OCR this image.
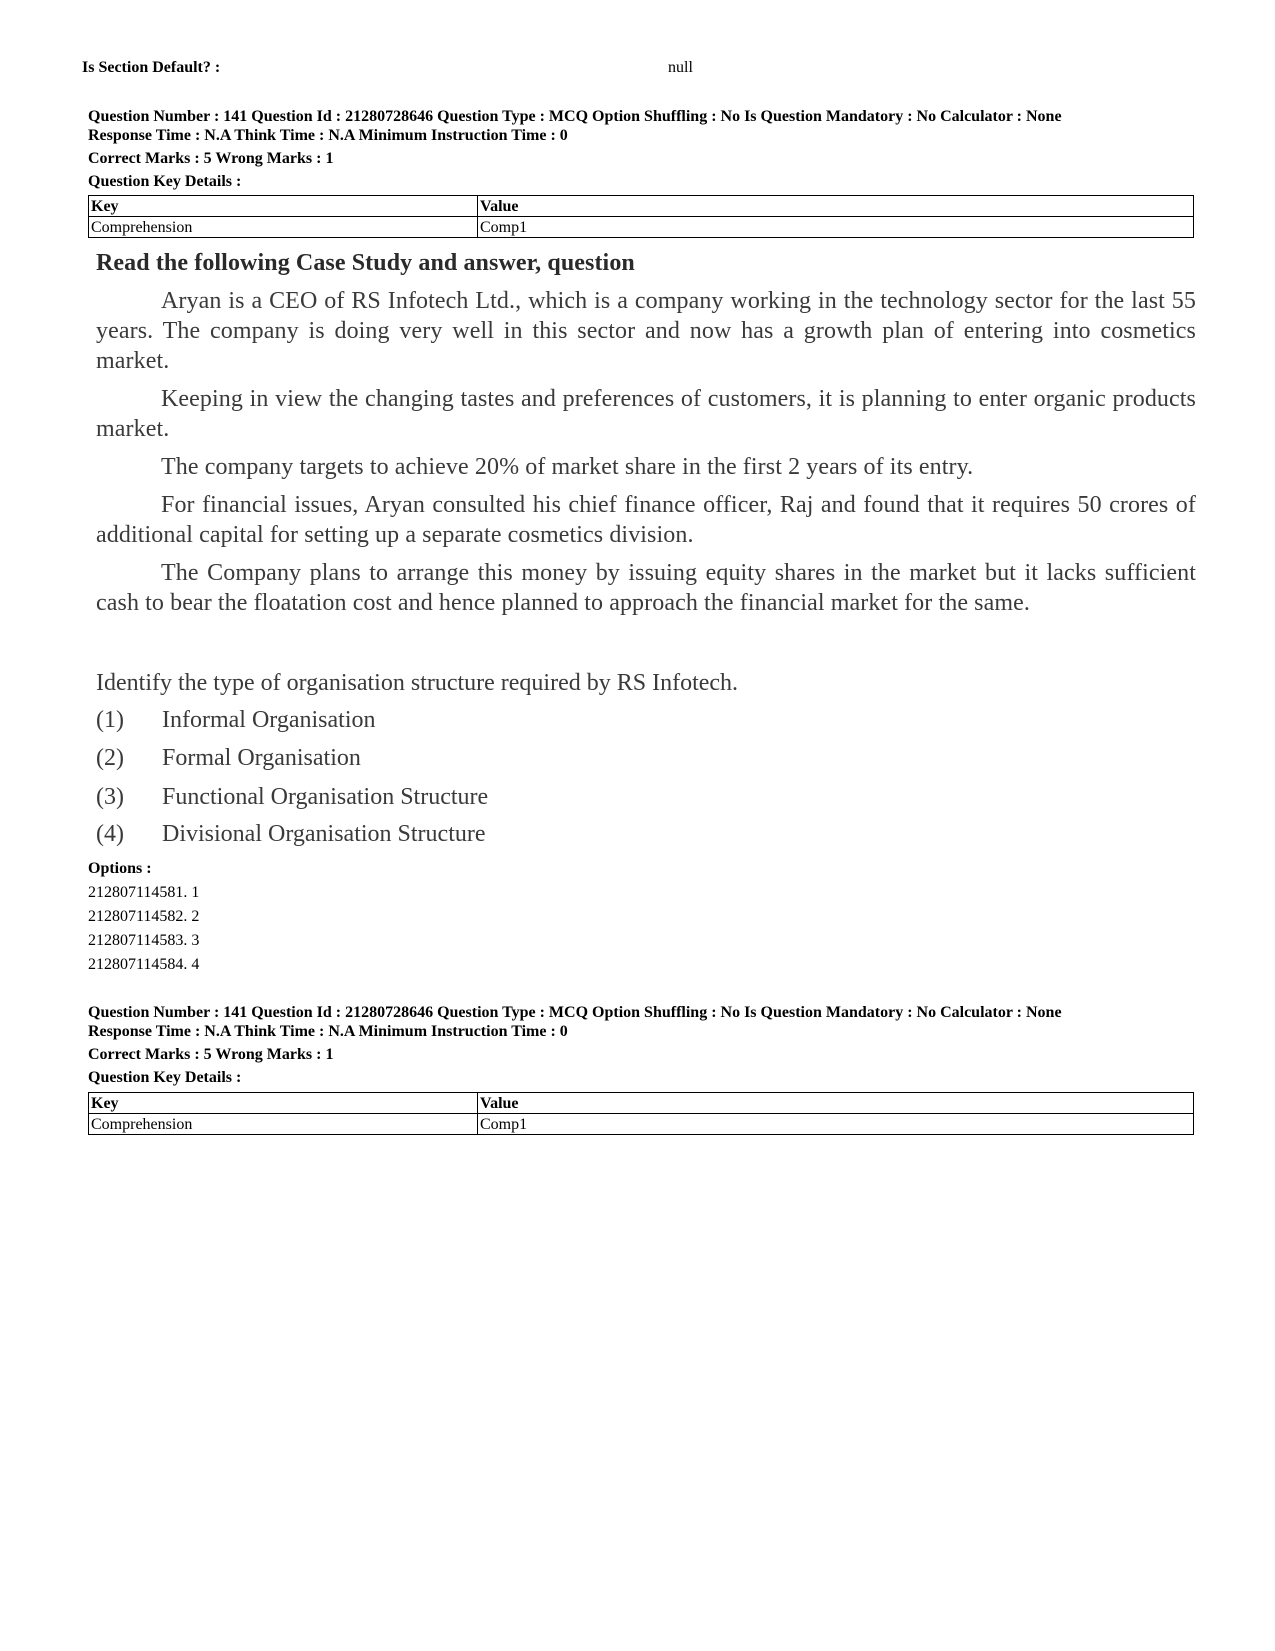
Is Section Default? :	null
Question Number : 141 Question Id : 21280728646 Question Type : MCQ Option Shuffling : No Is Question Mandatory : No Calculator : None
Response Time : N.A Think Time : N.A Minimum Instruction Time : 0
Correct Marks : 5 Wrong Marks : 1
Question Key Details :
Key	Value
Comprehension	Comp1

Read the following Case Study and answer, question

Aryan is a CEO of RS Infotech Ltd., which is a company working in the technology sector for the last 55 years. The company is doing very well in this sector and now has a growth plan of entering into cosmetics market.

Keeping in view the changing tastes and preferences of customers, it is planning to enter organic products market.

The company targets to achieve 20% of market share in the first 2 years of its entry.

For financial issues, Aryan consulted his chief finance officer, Raj and found that it requires 50 crores of additional capital for setting up a separate cosmetics division.

The Company plans to arrange this money by issuing equity shares in the market but it lacks sufficient cash to bear the floatation cost and hence planned to approach the financial market for the same.

Identify the type of organisation structure required by RS Infotech.
(1) Informal Organisation
(2) Formal Organisation
(3) Functional Organisation Structure
(4) Divisional Organisation Structure
Options :
212807114581. 1
212807114582. 2
212807114583. 3
212807114584. 4
Question Number : 141 Question Id : 21280728646 Question Type : MCQ Option Shuffling : No Is Question Mandatory : No Calculator : None
Response Time : N.A Think Time : N.A Minimum Instruction Time : 0
Correct Marks : 5 Wrong Marks : 1
Question Key Details :
Key	Value
Comprehension	Comp1
